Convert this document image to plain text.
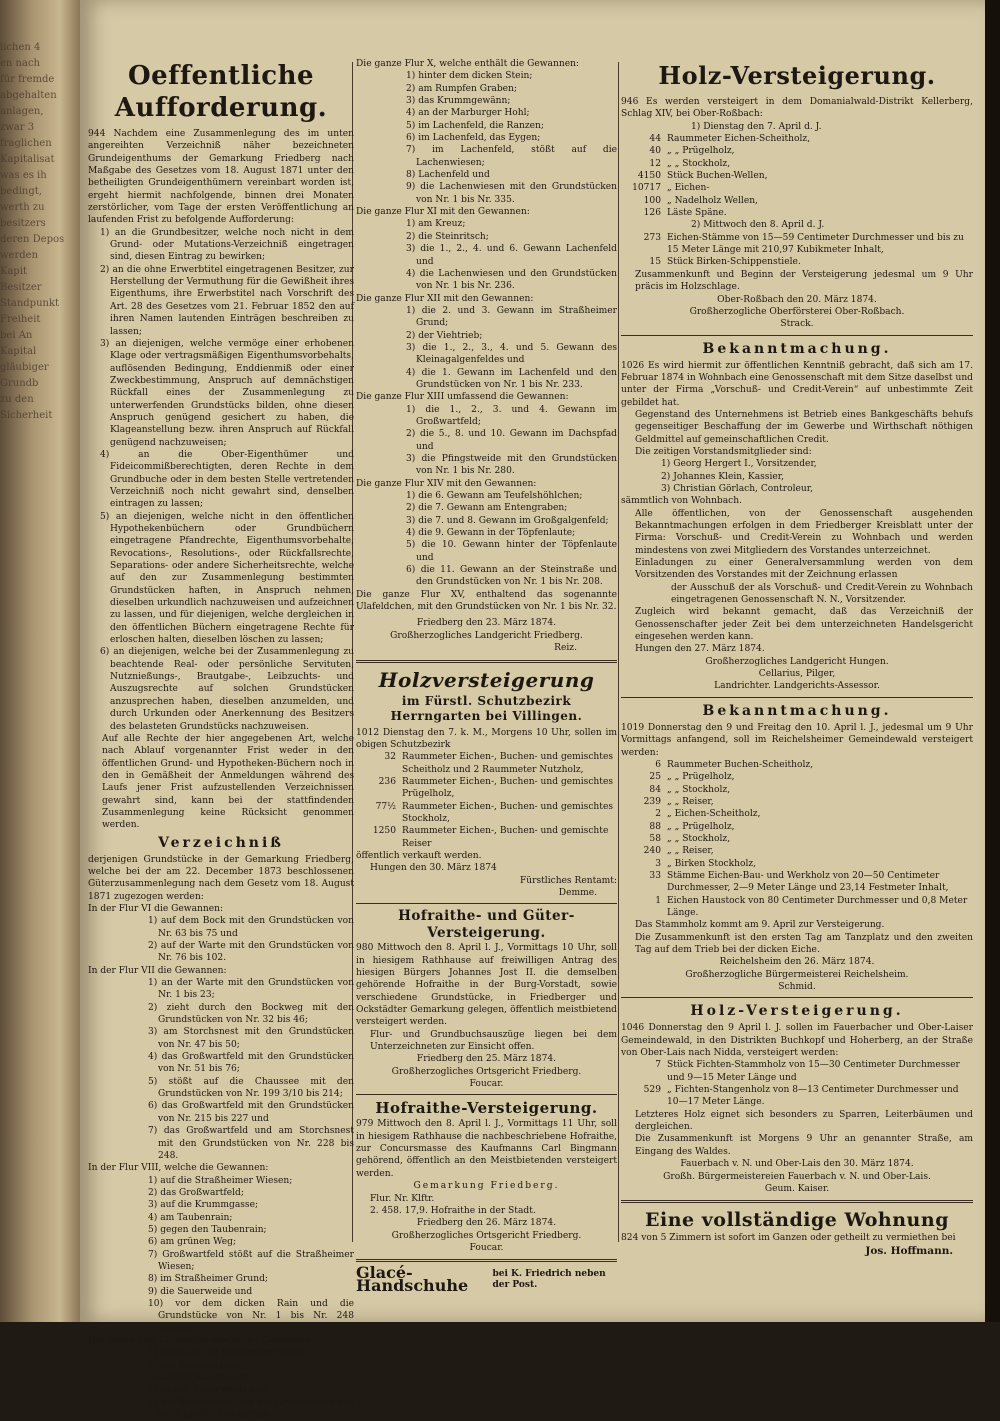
lichen 4
en nach
für fremde
abgehalten
anlagen,
zwar 3
fraglichen
Kapitalisat
was es ih
bedingt,
werth zu
besitzers
deren Depos
werden
Kapit
Besitzer
Standpunkt
Freiheit
bei An
Kapital
gläubiger
Grundb
zu den
Sicherheit
Oeffentliche Aufforderung.

944 Nachdem eine Zusammenlegung des im unten angereihten Verzeichniß näher bezeichneten Grundeigenthums der Gemarkung Friedberg nach Maßgabe des Gesetzes vom 18. August 1871 unter den betheiligten Grundeigenthümern vereinbart worden ist, ergeht hiermit nachfolgende, binnen drei Monaten zerstörlicher, vom Tage der ersten Veröffentlichung an laufenden Frist zu befolgende Aufforderung:

1) an die Grundbesitzer, welche noch nicht in dem Grund- oder Mutations-Verzeichniß eingetragen sind, diesen Eintrag zu bewirken;

2) an die ohne Erwerbtitel eingetragenen Besitzer, zur Herstellung der Vermuthung für die Gewißheit ihres Eigenthums, ihre Erwerbstitel nach Vorschrift des Art. 28 des Gesetzes vom 21. Februar 1852 den auf ihren Namen lautenden Einträgen beschreiben zu lassen;

3) an diejenigen, welche vermöge einer erhobenen Klage oder vertragsmäßigen Eigenthumsvorbehalts, auflösenden Bedingung, Enddienmiß oder einer Zweckbestimmung, Anspruch auf demnächstigen Rückfall eines der Zusammenlegung zu unterwerfenden Grundstücks bilden, ohne diesen Anspruch genügend gesichert zu haben, die Klageanstellung bezw. ihren Anspruch auf Rückfall genügend nachzuweisen;

4) an die Ober-Eigenthümer und Fideicommißberechtigten, deren Rechte in dem Grundbuche oder in dem besten Stelle vertretenden Verzeichniß noch nicht gewahrt sind, denselben eintragen zu lassen;

5) an diejenigen, welche nicht in den öffentlichen Hypothekenbüchern oder Grundbüchern eingetragene Pfandrechte, Eigenthumsvorbehalte, Revocations-, Resolutions-, oder Rückfallsrechte, Separations- oder andere Sicherheitsrechte, welche auf den zur Zusammenlegung bestimmten Grundstücken haften, in Anspruch nehmen, dieselben urkundlich nachzuweisen und aufzeichnen zu lassen, und für diejenigen, welche dergleichen in den öffentlichen Büchern eingetragene Rechte für erloschen halten, dieselben löschen zu lassen;

6) an diejenigen, welche bei der Zusammenlegung zu beachtende Real- oder persönliche Servituten, Nutznießungs-, Brautgabe-, Leibzuchts- und Auszugsrechte auf solchen Grundstücken anzusprechen haben, dieselben anzumelden, und durch Urkunden oder Anerkennung des Besitzers des belasteten Grundstücks nachzuweisen.

Auf alle Rechte der hier angegebenen Art, welche nach Ablauf vorgenannter Frist weder in den öffentlichen Grund- und Hypotheken-Büchern noch in den in Gemäßheit der Anmeldungen während des Laufs jener Frist aufzustellenden Verzeichnissen gewahrt sind, kann bei der stattfindenden Zusammenlegung keine Rücksicht genommen werden.

Verzeichniß

derjenigen Grundstücke in der Gemarkung Friedberg, welche bei der am 22. December 1873 beschlossenen Güterzusammenlegung nach dem Gesetz vom 18. August 1871 zugezogen werden:

In der Flur VI die Gewannen:

1) auf dem Bock mit den Grundstücken von Nr. 63 bis 75 und

2) auf der Warte mit den Grundstücken von Nr. 76 bis 102.

In der Flur VII die Gewannen:

1) an der Warte mit den Grundstücken von Nr. 1 bis 23;

2) zieht durch den Bockweg mit den Grundstücken von Nr. 32 bis 46;

3) am Storchsnest mit den Grundstücken von Nr. 47 bis 50;

4) das Großwartfeld mit den Grundstücken von Nr. 51 bis 76;

5) stößt auf die Chaussee mit den Grundstücken von Nr. 199 3/10 bis 214;

6) das Großwartfeld mit den Grundstücken von Nr. 215 bis 227 und

7) das Großwartfeld und am Storchsnest mit den Grundstücken von Nr. 228 bis 248.

In der Flur VIII, welche die Gewannen:

1) auf die Straßheimer Wiesen;

2) das Großwartfeld;

3) auf die Krummgasse;

4) am Taubenrain;

5) gegen den Taubenrain;

6) am grünen Weg;

7) Großwartfeld stößt auf die Straßheimer Wiesen;

8) im Straßheimer Grund;

9) die Sauerweide und

10) vor dem dicken Rain und die Grundstücke von Nr. 1 bis Nr. 248 enthält.

Die ganze Flur IX, welche wieder die Gewannen:

1) stößt auf die Wehrheimer Hohl;

2) das Großwartfeld;

3) auf die Sauerweide;

4) an der Sauerweide und

5) die Sauerweide und die Grundstücke von Nr. 1 bis Nr. 160 enthält.

Die ganze Flur X, welche enthält die Gewannen:

1) hinter dem dicken Stein;

2) am Rumpfen Graben;

3) das Krummgewänn;

4) an der Marburger Hohl;

5) im Lachenfeld, die Ranzen;

6) im Lachenfeld, das Eygen;

7) im Lachenfeld, stößt auf die Lachenwiesen;

8) Lachenfeld und

9) die Lachenwiesen mit den Grundstücken von Nr. 1 bis Nr. 335.

Die ganze Flur XI mit den Gewannen:

1) am Kreuz;

2) die Steinritsch;

3) die 1., 2., 4. und 6. Gewann Lachenfeld und

4) die Lachenwiesen und den Grundstücken von Nr. 1 bis Nr. 236.

Die ganze Flur XII mit den Gewannen:

1) die 2. und 3. Gewann im Straßheimer Grund;

2) der Viehtrieb;

3) die 1., 2., 3., 4. und 5. Gewann des Kleinagalgenfeldes und

4) die 1. Gewann im Lachenfeld und den Grundstücken von Nr. 1 bis Nr. 233.

Die ganze Flur XIII umfassend die Gewannen:

1) die 1., 2., 3. und 4. Gewann im Großwartfeld;

2) die 5., 8. und 10. Gewann im Dachspfad und

3) die Pfingstweide mit den Grundstücken von Nr. 1 bis Nr. 280.

Die ganze Flur XIV mit den Gewannen:

1) die 6. Gewann am Teufelshöhlchen;

2) die 7. Gewann am Entengraben;

3) die 7. und 8. Gewann im Großgalgenfeld;

4) die 9. Gewann in der Töpfenlaute;

5) die 10. Gewann hinter der Töpfenlaute und

6) die 11. Gewann an der Steinstraße und den Grundstücken von Nr. 1 bis Nr. 208.

Die ganze Flur XV, enthaltend das sogenannte Ulafeldchen, mit den Grundstücken von Nr. 1 bis Nr. 32.

Friedberg den 23. März 1874.

Großherzogliches Landgericht Friedberg.

Reiz.

Holzversteigerung
im Fürstl. Schutzbezirk Herrngarten bei Villingen.

1012 Dienstag den 7. k. M., Morgens 10 Uhr, sollen im obigen Schutzbezirk

32 Raummeter Eichen-, Buchen- und gemischtes Scheitholz und 2 Raummeter Nutzholz,
236 Raummeter Eichen-, Buchen- und gemischtes Prügelholz,
77½ Raummeter Eichen-, Buchen- und gemischtes Stockholz,
1250 Raummeter Eichen-, Buchen- und gemischte Reiser

öffentlich verkauft werden.

Hungen den 30. März 1874

Fürstliches Rentamt:

Demme.

Hofraithe- und Güter-Versteigerung.

980 Mittwoch den 8. April l. J., Vormittags 10 Uhr, soll in hiesigem Rathhause auf freiwilligen Antrag des hiesigen Bürgers Johannes Jost II. die demselben gehörende Hofraithe in der Burg-Vorstadt, sowie verschiedene Grundstücke, in Friedberger und Ockstädter Gemarkung gelegen, öffentlich meistbietend versteigert werden.

Flur- und Grundbuchsauszüge liegen bei dem Unterzeichneten zur Einsicht offen.

Friedberg den 25. März 1874.

Großherzogliches Ortsgericht Friedberg.

Foucar.

Hofraithe-Versteigerung.

979 Mittwoch den 8. April l. J., Vormittags 11 Uhr, soll in hiesigem Rathhause die nachbeschriebene Hofraithe, zur Concursmasse des Kaufmanns Carl Bingmann gehörend, öffentlich an den Meistbietenden versteigert werden.

Gemarkung Friedberg.

Flur. Nr. Klftr.

2. 458. 17,9. Hofraithe in der Stadt.

Friedberg den 26. März 1874.

Großherzogliches Ortsgericht Friedberg.

Foucar.

Glacé-Handschuhe
bei K. Friedrich neben der Post.
Holz-Versteigerung.

946 Es werden versteigert in dem Domanialwald-Distrikt Kellerberg, Schlag XIV, bei Ober-Roßbach:

1) Dienstag den 7. April d. J.

44 Raummeter Eichen-Scheitholz,
40 „ „ Prügelholz,
12 „ „ Stockholz,
4150 Stück Buchen-Wellen,
10717 „ Eichen-
100 „ Nadelholz Wellen,
126 Läste Späne.

2) Mittwoch den 8. April d. J.

273 Eichen-Stämme von 15—59 Centimeter Durchmesser und bis zu 15 Meter Länge mit 210,97 Kubikmeter Inhalt,
15 Stück Birken-Schippenstiele.

Zusammenkunft und Beginn der Versteigerung jedesmal um 9 Uhr präcis im Holzschlage.

Ober-Roßbach den 20. März 1874.

Großherzogliche Oberförsterei Ober-Roßbach.

Strack.

Bekanntmachung.

1026 Es wird hiermit zur öffentlichen Kenntniß gebracht, daß sich am 17. Februar 1874 in Wohnbach eine Genossenschaft mit dem Sitze daselbst und unter der Firma „Vorschuß- und Credit-Verein“ auf unbestimmte Zeit gebildet hat.

Gegenstand des Unternehmens ist Betrieb eines Bankgeschäfts behufs gegenseitiger Beschaffung der im Gewerbe und Wirthschaft nöthigen Geldmittel auf gemeinschaftlichen Credit.

Die zeitigen Vorstandsmitglieder sind:

1) Georg Hergert I., Vorsitzender,

2) Johannes Klein, Kassier,

3) Christian Görlach, Controleur,

sämmtlich von Wohnbach.

Alle öffentlichen, von der Genossenschaft ausgehenden Bekanntmachungen erfolgen in dem Friedberger Kreisblatt unter der Firma: Vorschuß- und Credit-Verein zu Wohnbach und werden mindestens von zwei Mitgliedern des Vorstandes unterzeichnet.

Einladungen zu einer Generalversammlung werden von dem Vorsitzenden des Vorstandes mit der Zeichnung erlassen

der Ausschuß der als Vorschuß- und Credit-Verein zu Wohnbach eingetragenen Genossenschaft N. N., Vorsitzender.

Zugleich wird bekannt gemacht, daß das Verzeichniß der Genossenschafter jeder Zeit bei dem unterzeichneten Handelsgericht eingesehen werden kann.

Hungen den 27. März 1874.

Großherzogliches Landgericht Hungen.

Cellarius, Pilger,

Landrichter. Landgerichts-Assessor.

Bekanntmachung.

1019 Donnerstag den 9 und Freitag den 10. April l. J., jedesmal um 9 Uhr Vormittags anfangend, soll im Reichelsheimer Gemeindewald versteigert werden:

6 Raummeter Buchen-Scheitholz,
25 „ „ Prügelholz,
84 „ „ Stockholz,
239 „ „ Reiser,
2 „ Eichen-Scheitholz,
88 „ „ Prügelholz,
58 „ „ Stockholz,
240 „ „ Reiser,
3 „ Birken Stockholz,
33 Stämme Eichen-Bau- und Werkholz von 20—50 Centimeter Durchmesser, 2—9 Meter Länge und 23,14 Festmeter Inhalt,
1 Eichen Haustock von 80 Centimeter Durchmesser und 0,8 Meter Länge.

Das Stammholz kommt am 9. April zur Versteigerung.

Die Zusammenkunft ist den ersten Tag am Tanzplatz und den zweiten Tag auf dem Trieb bei der dicken Eiche.

Reichelsheim den 26. März 1874.

Großherzogliche Bürgermeisterei Reichelsheim.

Schmid.

Holz-Versteigerung.

1046 Donnerstag den 9 April l. J. sollen im Fauerbacher und Ober-Laiser Gemeindewald, in den Distrikten Buchkopf und Hoherberg, an der Straße von Ober-Lais nach Nidda, versteigert werden:

7 Stück Fichten-Stammholz von 15—30 Centimeter Durchmesser und 9—15 Meter Länge und
529 „ Fichten-Stangenholz von 8—13 Centimeter Durchmesser und 10—17 Meter Länge.

Letzteres Holz eignet sich besonders zu Sparren, Leiterbäumen und dergleichen.

Die Zusammenkunft ist Morgens 9 Uhr an genannter Straße, am Eingang des Waldes.

Fauerbach v. N. und Ober-Lais den 30. März 1874.

Großh. Bürgermeistereien Fauerbach v. N. und Ober-Lais.

Geum. Kaiser.

Eine vollständige Wohnung

824 von 5 Zimmern ist sofort im Ganzen oder getheilt zu vermiethen bei

Jos. Hoffmann.
